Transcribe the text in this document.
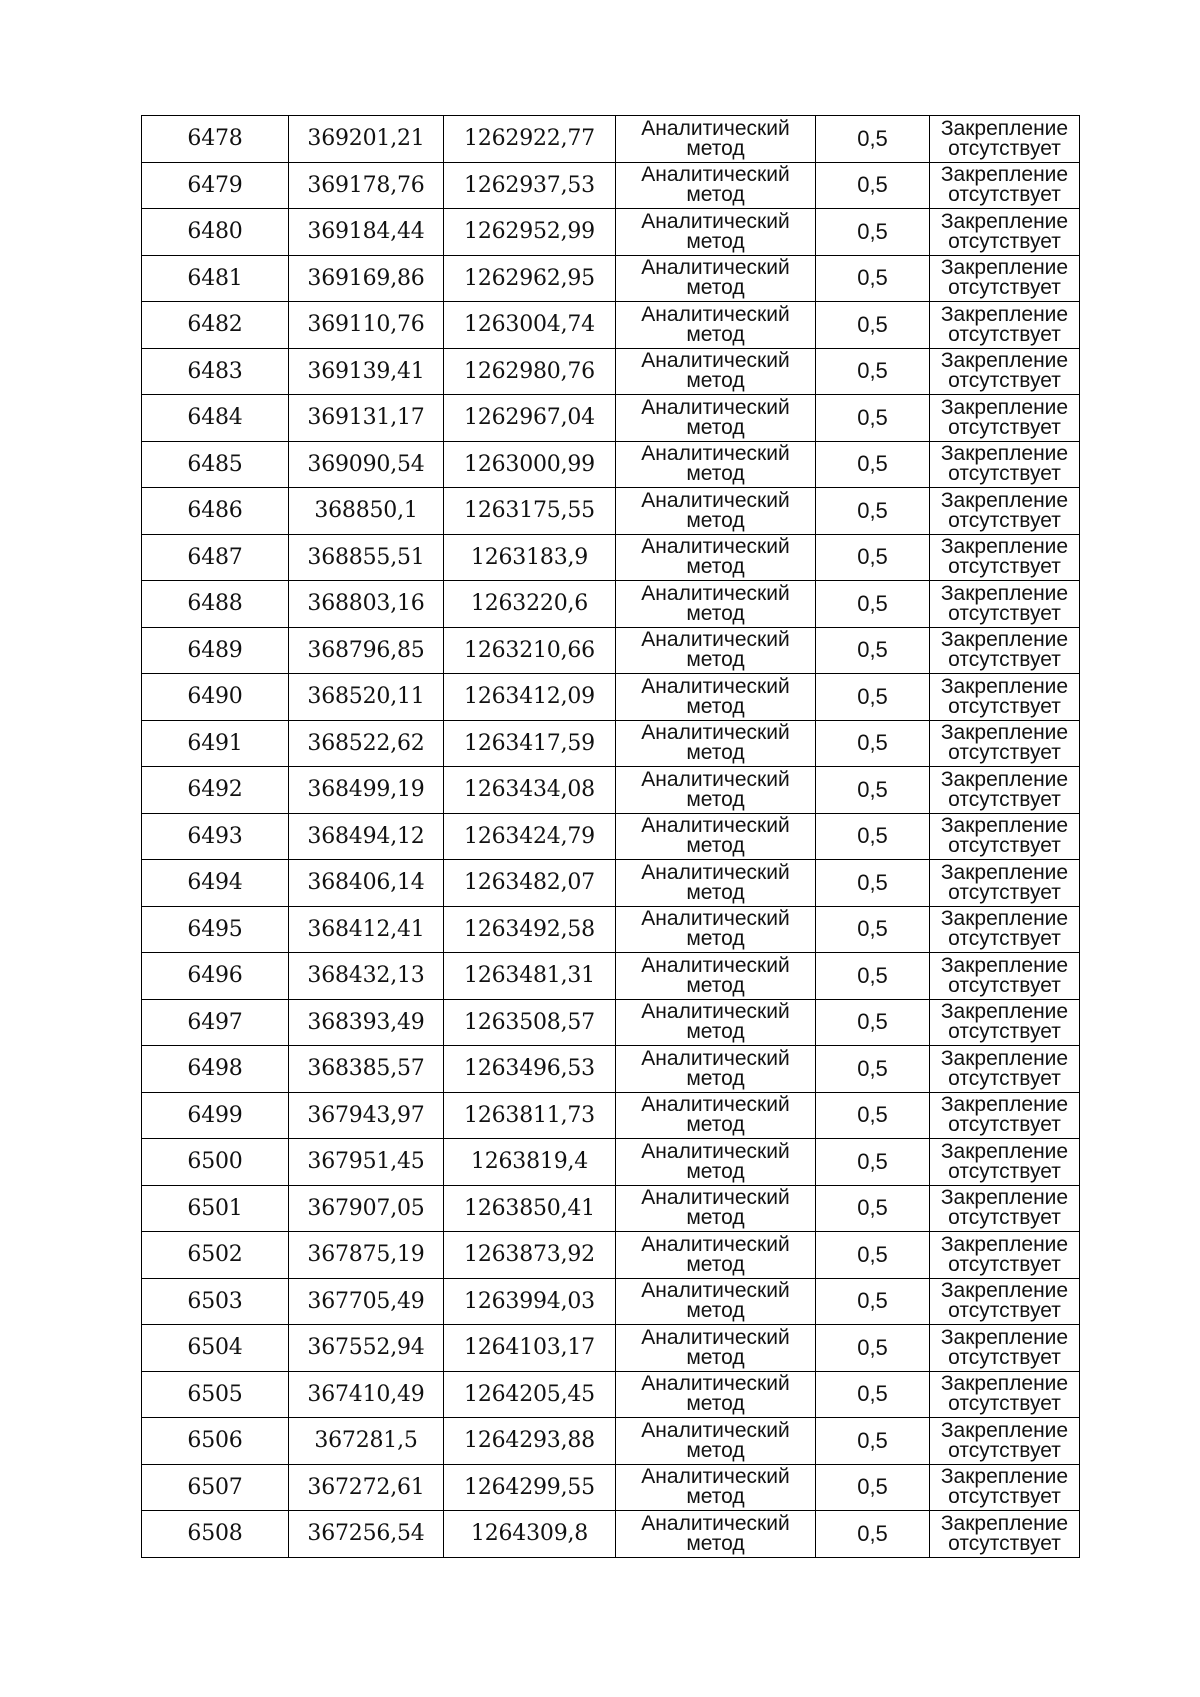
6478	369201,21	1262922,77	Аналитический
метод	0,5	Закрепление
отсутствует

6479	369178,76	1262937,53	Аналитический
метод	0,5	Закрепление
отсутствует

6480	369184,44	1262952,99	Аналитический
метод	0,5	Закрепление
отсутствует

6481	369169,86	1262962,95	Аналитический
метод	0,5	Закрепление
отсутствует

6482	369110,76	1263004,74	Аналитический
метод	0,5	Закрепление
отсутствует

6483	369139,41	1262980,76	Аналитический
метод	0,5	Закрепление
отсутствует

6484	369131,17	1262967,04	Аналитический
метод	0,5	Закрепление
отсутствует

6485	369090,54	1263000,99	Аналитический
метод	0,5	Закрепление
отсутствует

6486	368850,1	1263175,55	Аналитический
метод	0,5	Закрепление
отсутствует

6487	368855,51	1263183,9	Аналитический
метод	0,5	Закрепление
отсутствует

6488	368803,16	1263220,6	Аналитический
метод	0,5	Закрепление
отсутствует

6489	368796,85	1263210,66	Аналитический
метод	0,5	Закрепление
отсутствует

6490	368520,11	1263412,09	Аналитический
метод	0,5	Закрепление
отсутствует

6491	368522,62	1263417,59	Аналитический
метод	0,5	Закрепление
отсутствует

6492	368499,19	1263434,08	Аналитический
метод	0,5	Закрепление
отсутствует

6493	368494,12	1263424,79	Аналитический
метод	0,5	Закрепление
отсутствует

6494	368406,14	1263482,07	Аналитический
метод	0,5	Закрепление
отсутствует

6495	368412,41	1263492,58	Аналитический
метод	0,5	Закрепление
отсутствует

6496	368432,13	1263481,31	Аналитический
метод	0,5	Закрепление
отсутствует

6497	368393,49	1263508,57	Аналитический
метод	0,5	Закрепление
отсутствует

6498	368385,57	1263496,53	Аналитический
метод	0,5	Закрепление
отсутствует

6499	367943,97	1263811,73	Аналитический
метод	0,5	Закрепление
отсутствует

6500	367951,45	1263819,4	Аналитический
метод	0,5	Закрепление
отсутствует

6501	367907,05	1263850,41	Аналитический
метод	0,5	Закрепление
отсутствует

6502	367875,19	1263873,92	Аналитический
метод	0,5	Закрепление
отсутствует

6503	367705,49	1263994,03	Аналитический
метод	0,5	Закрепление
отсутствует

6504	367552,94	1264103,17	Аналитический
метод	0,5	Закрепление
отсутствует

6505	367410,49	1264205,45	Аналитический
метод	0,5	Закрепление
отсутствует

6506	367281,5	1264293,88	Аналитический
метод	0,5	Закрепление
отсутствует

6507	367272,61	1264299,55	Аналитический
метод	0,5	Закрепление
отсутствует

6508	367256,54	1264309,8	Аналитический
метод	0,5	Закрепление
отсутствует
